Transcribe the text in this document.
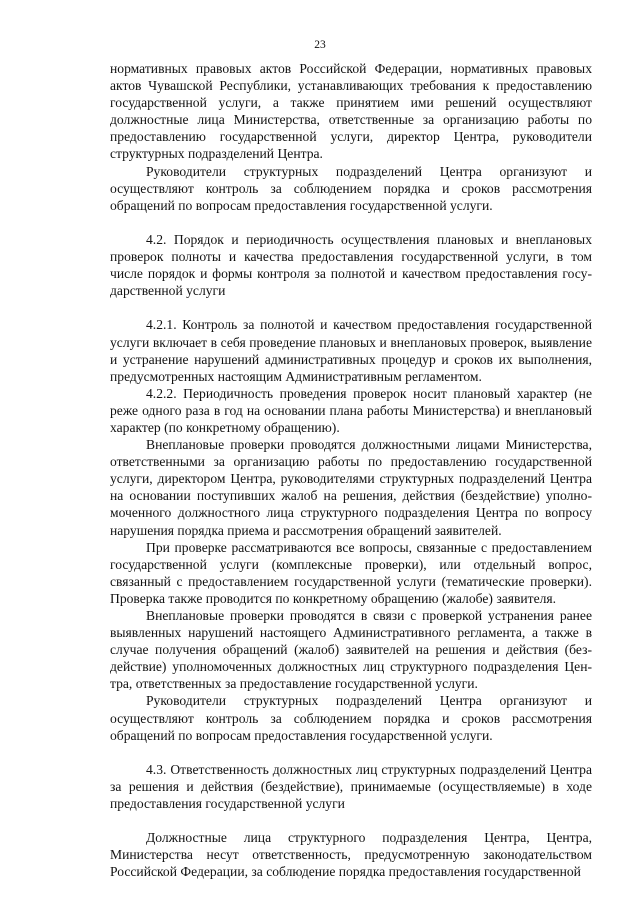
23

нормативных правовых актов Российской Федерации, нормативных правовых актов Чувашской Республики, устанавливающих требования к предоставлению государственной услуги, а также принятием ими решений осуществляют должностные лица Министерства, ответственные за организацию работы по предоставлению государственной услуги, директор Центра, руководители структурных подразделений Центра.

Руководители структурных подразделений Центра организуют и осуществляют контроль за соблюдением порядка и сроков рассмотрения обращений по вопросам предоставления государственной услуги.

4.2. Порядок и периодичность осуществления плановых и внеплановых проверок полноты и качества предоставления государственной услуги, в том числе порядок и формы контроля за полнотой и качеством предоставления государственной услуги

4.2.1. Контроль за полнотой и качеством предоставления государственной услуги включает в себя проведение плановых и внеплановых проверок, выявление и устранение нарушений административных процедур и сроков их выполнения, предусмотренных настоящим Административным регламентом.

4.2.2. Периодичность проведения проверок носит плановый характер (не реже одного раза в год на основании плана работы Министерства) и внеплановый характер (по конкретному обращению).

Внеплановые проверки проводятся должностными лицами Министерства, ответственными за организацию работы по предоставлению государственной услуги, директором Центра, руководителями структурных подразделений Центра на основании поступивших жалоб на решения, действия (бездействие) уполномоченного должностного лица структурного подразделения Центра по вопросу нарушения порядка приема и рассмотрения обращений заявителей.

При проверке рассматриваются все вопросы, связанные с предоставлением государственной услуги (комплексные проверки), или отдельный вопрос, связанный с предоставлением государственной услуги (тематические проверки). Проверка также проводится по конкретному обращению (жалобе) заявителя.

Внеплановые проверки проводятся в связи с проверкой устранения ранее выявленных нарушений настоящего Административного регламента, а также в случае получения обращений (жалоб) заявителей на решения и действия (бездействие) уполномоченных должностных лиц структурного подразделения Центра, ответственных за предоставление государственной услуги.

Руководители структурных подразделений Центра организуют и осуществляют контроль за соблюдением порядка и сроков рассмотрения обращений по вопросам предоставления государственной услуги.

4.3. Ответственность должностных лиц структурных подразделений Центра за решения и действия (бездействие), принимаемые (осуществляемые) в ходе предоставления государственной услуги

Должностные лица структурного подразделения Центра, Центра, Министерства несут ответственность, предусмотренную законодательством Российской Федерации, за соблюдение порядка предоставления государственной
